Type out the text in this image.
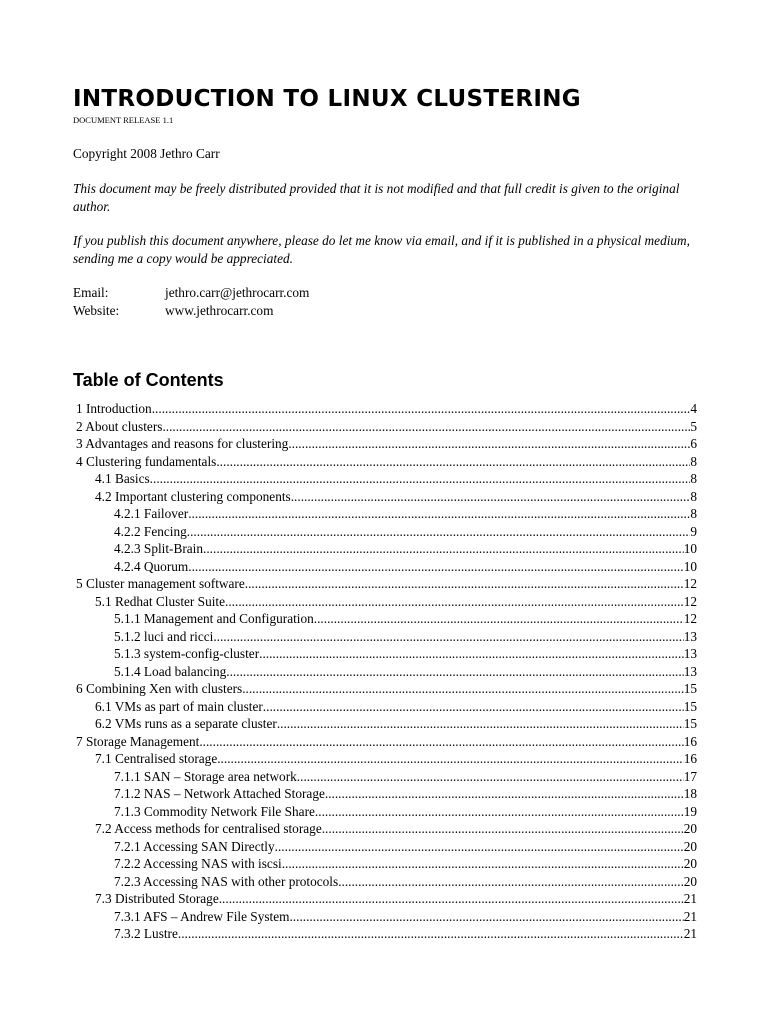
INTRODUCTION TO LINUX CLUSTERING
DOCUMENT RELEASE 1.1
Copyright 2008 Jethro Carr
This document may be freely distributed provided that it is not modified and that full credit is given to the original author.
If you publish this document anywhere, please do let me know via email, and if it is published in a physical medium, sending me a copy would be appreciated.
Email:	jethro.carr@jethrocarr.com
Website:	www.jethrocarr.com
Table of Contents
1 Introduction .....	4
2 About clusters .....	5
3 Advantages and reasons for clustering .....	6
4 Clustering fundamentals .....	8
4.1 Basics .....	8
4.2 Important clustering components .....	8
4.2.1 Failover .....	8
4.2.2 Fencing .....	9
4.2.3 Split-Brain .....	10
4.2.4 Quorum .....	10
5 Cluster management software .....	12
5.1 Redhat Cluster Suite .....	12
5.1.1 Management and Configuration .....	12
5.1.2 luci and ricci .....	13
5.1.3 system-config-cluster .....	13
5.1.4 Load balancing .....	13
6 Combining Xen with clusters .....	15
6.1 VMs as part of main cluster .....	15
6.2 VMs runs as a separate cluster .....	15
7 Storage Management .....	16
7.1 Centralised storage .....	16
7.1.1 SAN – Storage area network .....	17
7.1.2 NAS – Network Attached Storage .....	18
7.1.3 Commodity Network File Share .....	19
7.2 Access methods for centralised storage .....	20
7.2.1 Accessing SAN Directly .....	20
7.2.2 Accessing NAS with iscsi .....	20
7.2.3 Accessing NAS with other protocols .....	20
7.3 Distributed Storage .....	21
7.3.1 AFS – Andrew File System .....	21
7.3.2 Lustre .....	21
